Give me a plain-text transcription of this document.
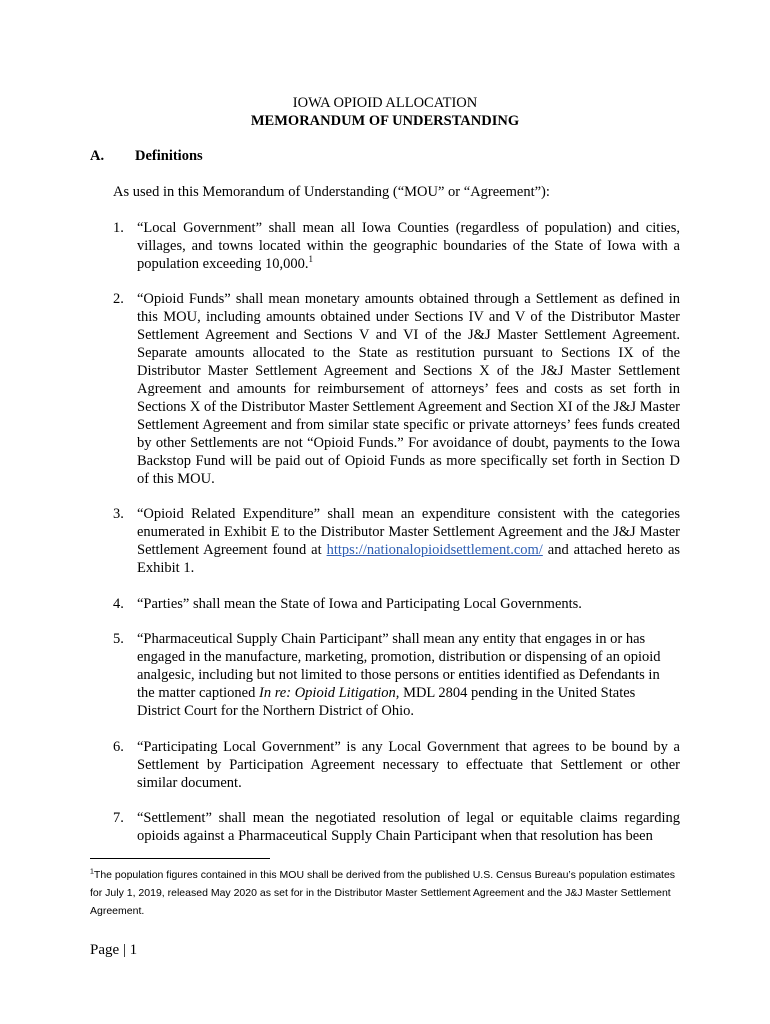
IOWA OPIOID ALLOCATION
MEMORANDUM OF UNDERSTANDING
A. Definitions
As used in this Memorandum of Understanding (“MOU” or “Agreement”):
1. “Local Government” shall mean all Iowa Counties (regardless of population) and cities, villages, and towns located within the geographic boundaries of the State of Iowa with a population exceeding 10,000.$^1$
2. “Opioid Funds” shall mean monetary amounts obtained through a Settlement as defined in this MOU, including amounts obtained under Sections IV and V of the Distributor Master Settlement Agreement and Sections V and VI of the J&J Master Settlement Agreement. Separate amounts allocated to the State as restitution pursuant to Sections IX of the Distributor Master Settlement Agreement and Sections X of the J&J Master Settlement Agreement and amounts for reimbursement of attorneys’ fees and costs as set forth in Sections X of the Distributor Master Settlement Agreement and Section XI of the J&J Master Settlement Agreement and from similar state specific or private attorneys’ fees funds created by other Settlements are not “Opioid Funds.” For avoidance of doubt, payments to the Iowa Backstop Fund will be paid out of Opioid Funds as more specifically set forth in Section D of this MOU.
3. “Opioid Related Expenditure” shall mean an expenditure consistent with the categories enumerated in Exhibit E to the Distributor Master Settlement Agreement and the J&J Master Settlement Agreement found at https://nationalopioidsettlement.com/ and attached hereto as Exhibit 1.
4. “Parties” shall mean the State of Iowa and Participating Local Governments.
5. “Pharmaceutical Supply Chain Participant” shall mean any entity that engages in or has engaged in the manufacture, marketing, promotion, distribution or dispensing of an opioid analgesic, including but not limited to those persons or entities identified as Defendants in the matter captioned In re: Opioid Litigation, MDL 2804 pending in the United States District Court for the Northern District of Ohio.
6. “Participating Local Government” is any Local Government that agrees to be bound by a Settlement by Participation Agreement necessary to effectuate that Settlement or other similar document.
7. “Settlement” shall mean the negotiated resolution of legal or equitable claims regarding opioids against a Pharmaceutical Supply Chain Participant when that resolution has been
$^1$The population figures contained in this MOU shall be derived from the published U.S. Census Bureau’s population estimates for July 1, 2019, released May 2020 as set for in the Distributor Master Settlement Agreement and the J&J Master Settlement Agreement.
Page | 1
